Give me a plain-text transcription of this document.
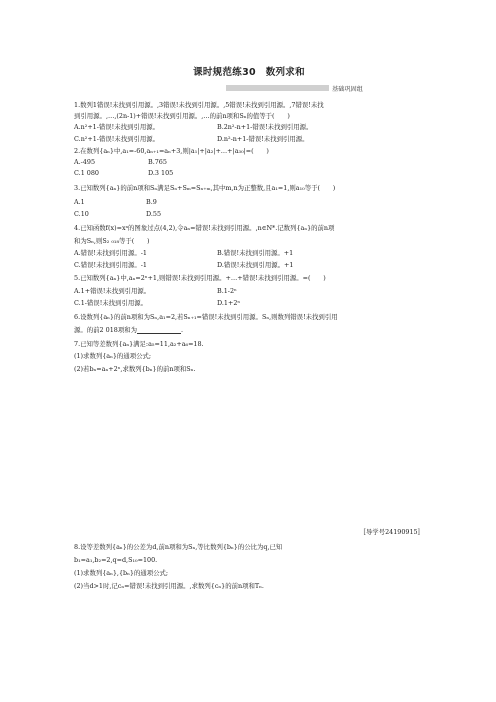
课时规范练30　数列求和
基础巩固组
1.数列1错误!未找到引用源。,3错误!未找到引用源。,5错误!未找到引用源。,7错误!未找
到引用源。,…,(2n-1)+错误!未找到引用源。,…的前n项和Sₙ的值等于(　　)
A.n²+1-错误!未找到引用源。	B.2n²-n+1-错误!未找到引用源。
C.n²+1-错误!未找到引用源。	D.n²-n+1-错误!未找到引用源。
2.在数列{aₙ}中,a₁=-60,aₙ₊₁=aₙ+3,则|a₁|+|a₂|+…+|a₃₀|=(　　)
A.-495	B.765
C.1 080	D.3 105
3.已知数列{aₙ}的前n项和Sₙ满足Sₙ+Sₘ=Sₙ₊ₘ,其中m,n为正整数,且a₁=1,则a₁₀等于(　　)
A.1	B.9
C.10	D.55
4.已知函数f(x)=xᵃ的图象过点(4,2),令aₙ=错误!未找到引用源。,n∈N*.记数列{aₙ}的前n项
和为Sₙ,则S₂ ₀₁₈等于(　　)
A.错误!未找到引用源。-1	B.错误!未找到引用源。+1
C.错误!未找到引用源。-1	D.错误!未找到引用源。+1
5.已知数列{aₙ}中,aₙ=2ⁿ+1,则错误!未找到引用源。+…+错误!未找到引用源。=(　　)
A.1+错误!未找到引用源。	B.1-2ⁿ
C.1-错误!未找到引用源。	D.1+2ⁿ
6.设数列{aₙ}的前n项和为Sₙ,a₁=2,若Sₙ₊₁=错误!未找到引用源。Sₙ,则数列错误!未找到引用
源。的前2 018项和为	.
7.已知等差数列{aₙ}满足:a₅=11,a₂+a₆=18.
(1)求数列{aₙ}的通项公式;
(2)若bₙ=aₙ+2ⁿ,求数列{bₙ}的前n项和Sₙ.
〚导学号24190915〛
8.设等差数列{aₙ}的公差为d,前n项和为Sₙ,等比数列{bₙ}的公比为q,已知
b₁=a₁,b₂=2,q=d,S₁₀=100.
(1)求数列{aₙ},{bₙ}的通项公式;
(2)当d>1时,记cₙ=错误!未找到引用源。,求数列{cₙ}的前n项和Tₙ.
